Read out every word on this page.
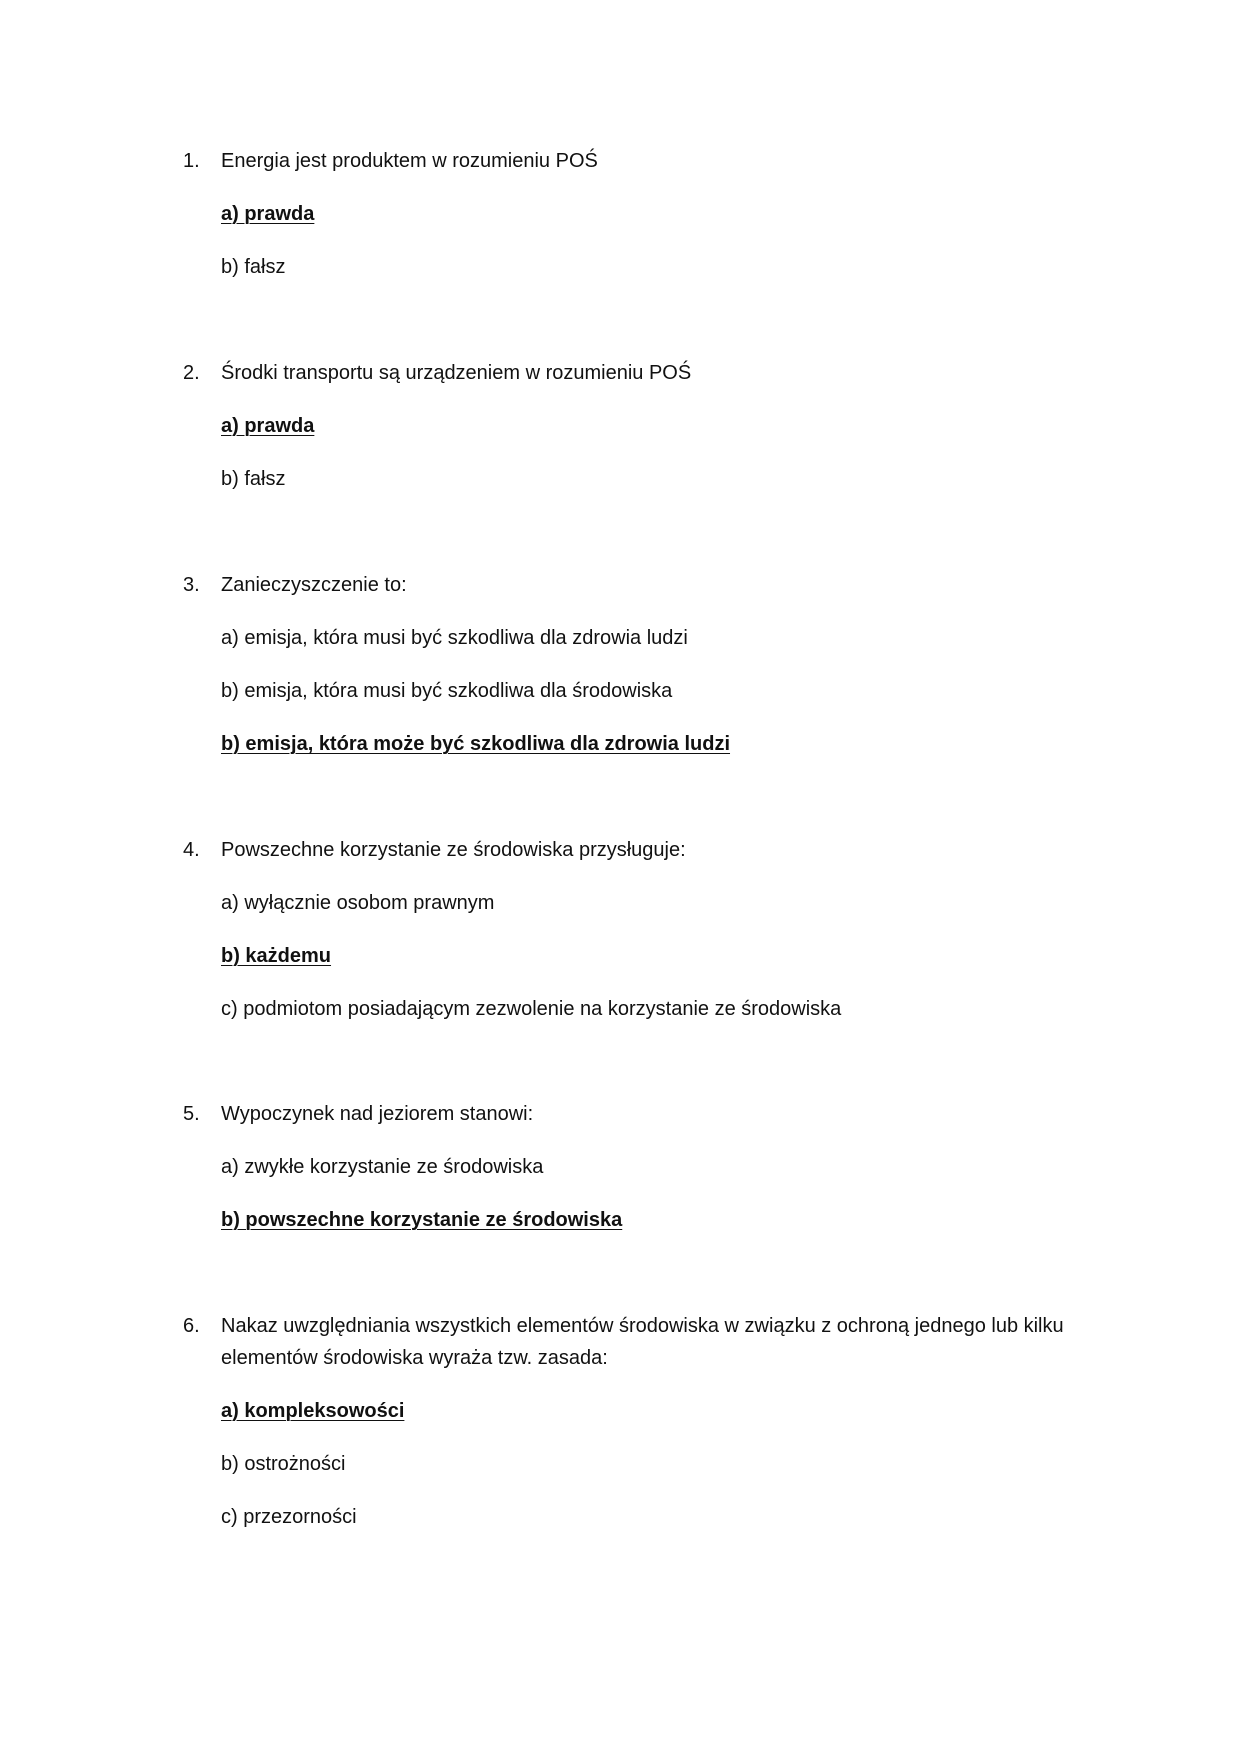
1.	Energia jest produktem w rozumieniu POŚ
a) prawda
b) fałsz
2.	Środki transportu są urządzeniem w rozumieniu POŚ
a) prawda
b) fałsz
3.	Zanieczyszczenie to:
a) emisja, która musi być szkodliwa dla zdrowia ludzi
b) emisja, która musi być szkodliwa dla środowiska
b) emisja, która może być szkodliwa dla zdrowia ludzi
4.	Powszechne korzystanie ze środowiska przysługuje:
a) wyłącznie osobom prawnym
b) każdemu
c) podmiotom posiadającym zezwolenie na korzystanie ze środowiska
5.	Wypoczynek nad jeziorem stanowi:
a) zwykłe korzystanie ze środowiska
b) powszechne korzystanie ze środowiska
6.	Nakaz uwzględniania wszystkich elementów środowiska w związku z ochroną jednego lub kilku elementów środowiska wyraża tzw. zasada:
a) kompleksowości
b) ostrożności
c) przezorności
